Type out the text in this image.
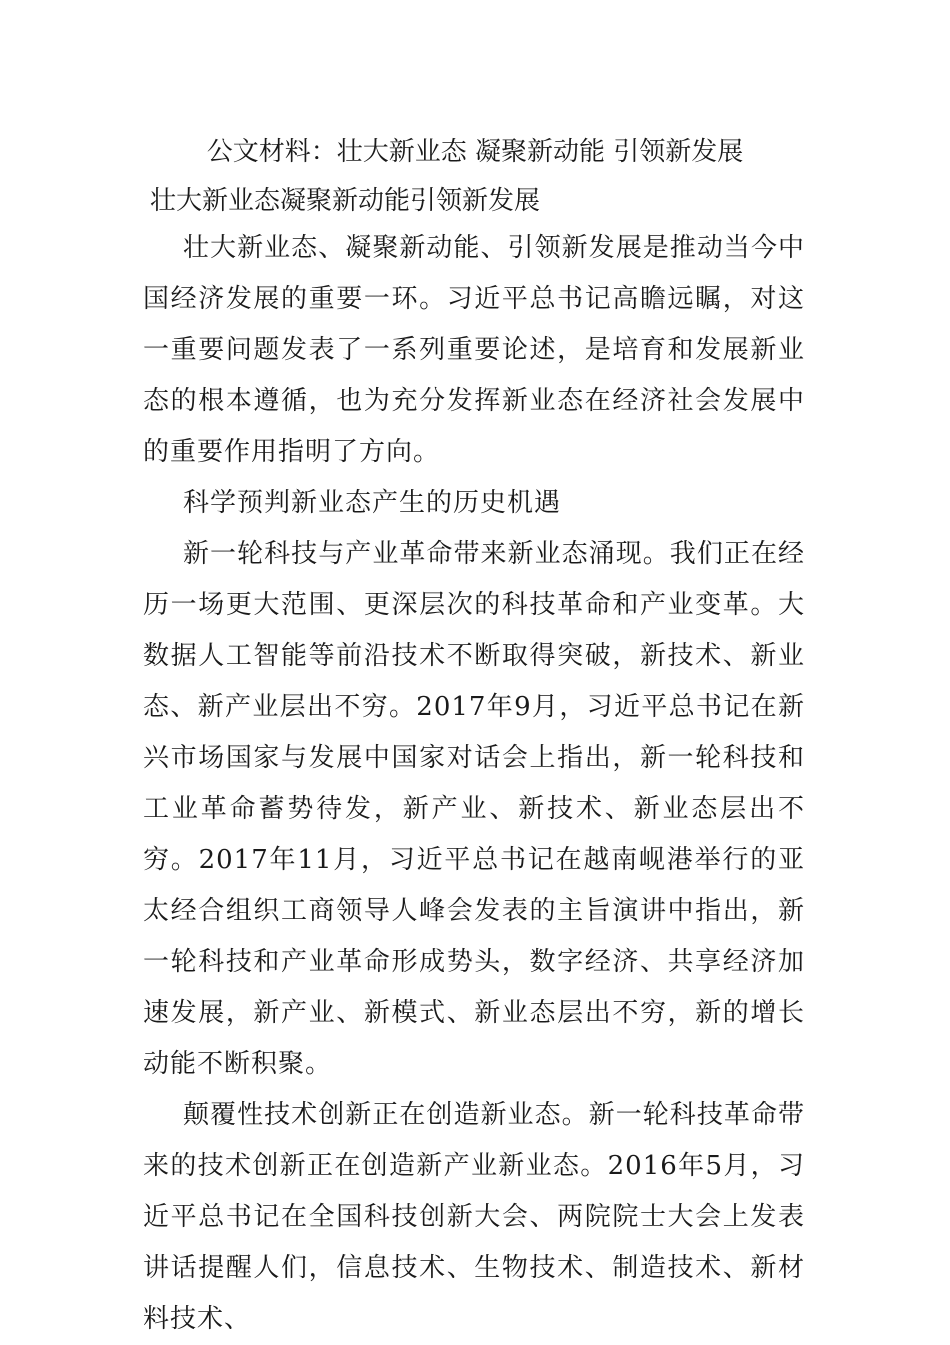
公文材料：壮大新业态 凝聚新动能 引领新发展
壮大新业态凝聚新动能引领新发展

壮大新业态、凝聚新动能、引领新发展是推动当今中国经济发展的重要一环。习近平总书记高瞻远瞩，对这一重要问题发表了一系列重要论述，是培育和发展新业态的根本遵循，也为充分发挥新业态在经济社会发展中的重要作用指明了方向。

科学预判新业态产生的历史机遇

新一轮科技与产业革命带来新业态涌现。我们正在经历一场更大范围、更深层次的科技革命和产业变革。大数据人工智能等前沿技术不断取得突破，新技术、新业态、新产业层出不穷。2017年9月，习近平总书记在新兴市场国家与发展中国家对话会上指出，新一轮科技和工业革命蓄势待发，新产业、新技术、新业态层出不穷。2017年11月，习近平总书记在越南岘港举行的亚太经合组织工商领导人峰会发表的主旨演讲中指出，新一轮科技和产业革命形成势头，数字经济、共享经济加速发展，新产业、新模式、新业态层出不穷，新的增长动能不断积聚。

颠覆性技术创新正在创造新业态。新一轮科技革命带来的技术创新正在创造新产业新业态。2016年5月，习近平总书记在全国科技创新大会、两院院士大会上发表讲话提醒人们，信息技术、生物技术、制造技术、新材料技术、
